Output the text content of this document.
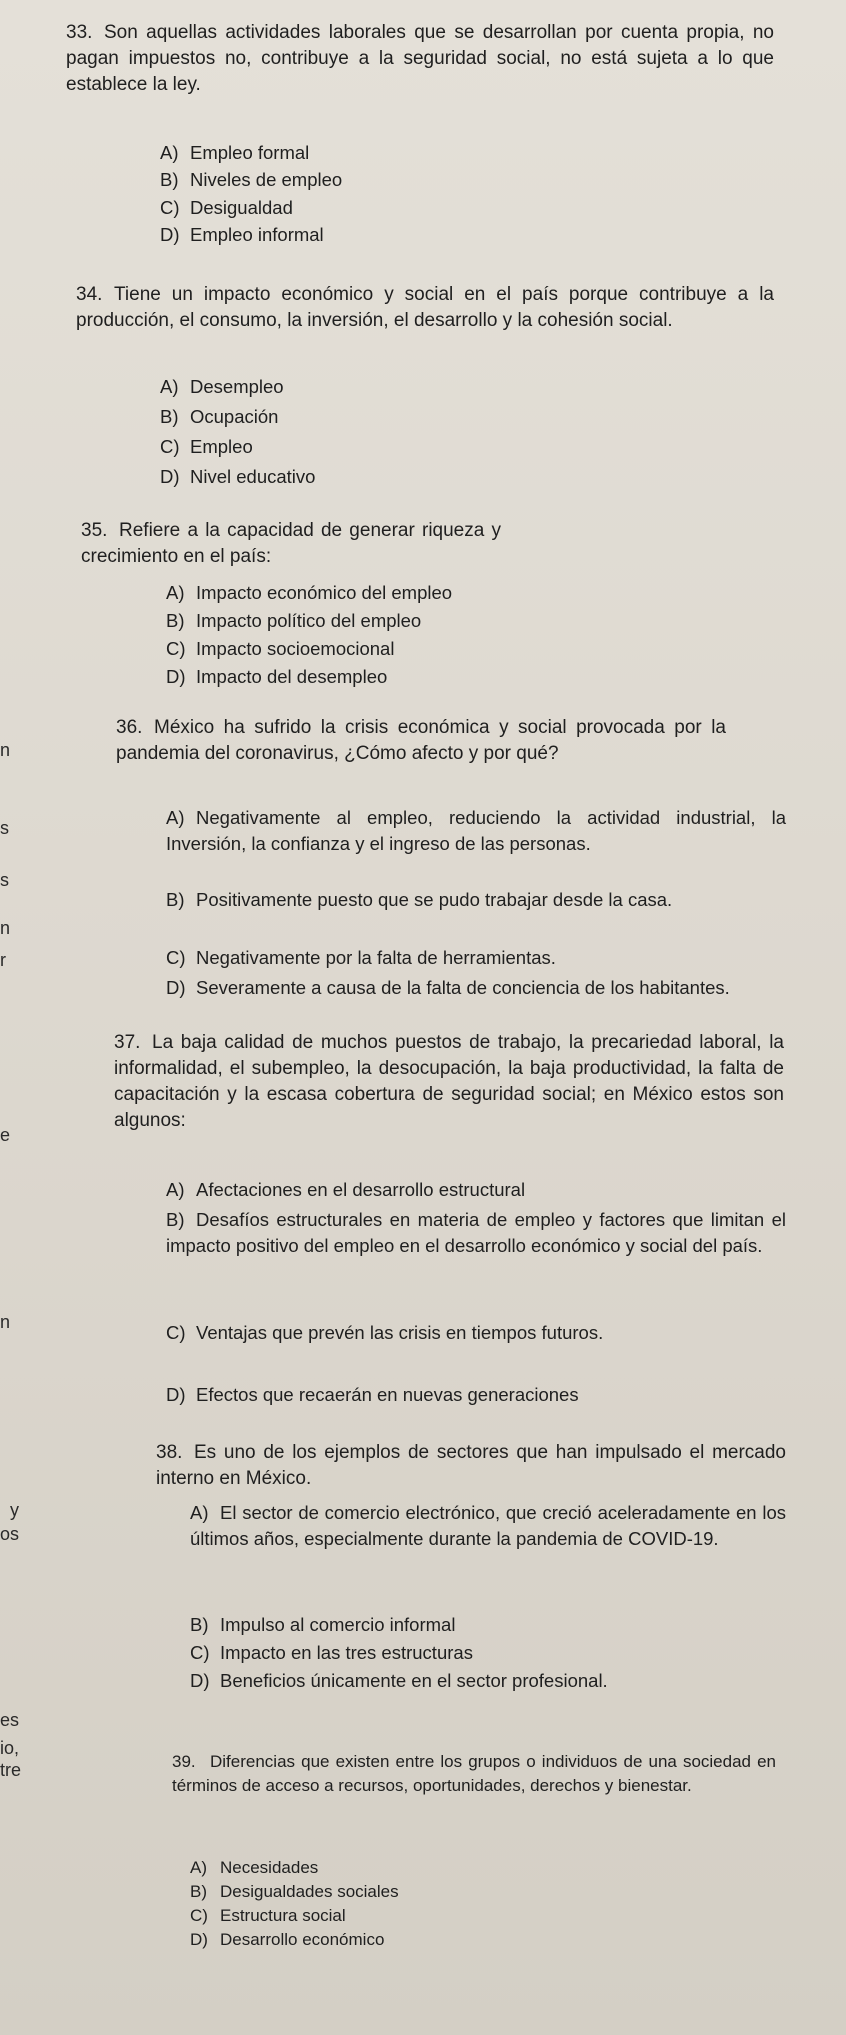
33. Son aquellas actividades laborales que se desarrollan por cuenta propia, no pagan impuestos no, contribuye a la seguridad social, no está sujeta a lo que establece la ley.
A) Empleo formal
B) Niveles de empleo
C) Desigualdad
D) Empleo informal
34. Tiene un impacto económico y social en el país porque contribuye a la producción, el consumo, la inversión, el desarrollo y la cohesión social.
A) Desempleo
B) Ocupación
C) Empleo
D) Nivel educativo
35. Refiere a la capacidad de generar riqueza y crecimiento en el país:
A) Impacto económico del empleo
B) Impacto político del empleo
C) Impacto socioemocional
D) Impacto del desempleo
36. México ha sufrido la crisis económica y social provocada por la pandemia del coronavirus, ¿Cómo afecto y por qué?
A) Negativamente al empleo, reduciendo la actividad industrial, la Inversión, la confianza y el ingreso de las personas.
B) Positivamente puesto que se pudo trabajar desde la casa.
C) Negativamente por la falta de herramientas.
D) Severamente a causa de la falta de conciencia de los habitantes.
37. La baja calidad de muchos puestos de trabajo, la precariedad laboral, la informalidad, el subempleo, la desocupación, la baja productividad, la falta de capacitación y la escasa cobertura de seguridad social; en México estos son algunos:
A) Afectaciones en el desarrollo estructural
B) Desafíos estructurales en materia de empleo y factores que limitan el impacto positivo del empleo en el desarrollo económico y social del país.
C) Ventajas que prevén las crisis en tiempos futuros.
D) Efectos que recaerán en nuevas generaciones
38. Es uno de los ejemplos de sectores que han impulsado el mercado interno en México.
A) El sector de comercio electrónico, que creció aceleradamente en los últimos años, especialmente durante la pandemia de COVID-19.
B) Impulso al comercio informal
C) Impacto en las tres estructuras
D) Beneficios únicamente en el sector profesional.
39. Diferencias que existen entre los grupos o individuos de una sociedad en términos de acceso a recursos, oportunidades, derechos y bienestar.
A) Necesidades
B) Desigualdades sociales
C) Estructura social
D) Desarrollo económico
n
s
s
n
r
e
n
y
os
es
io,
tre
